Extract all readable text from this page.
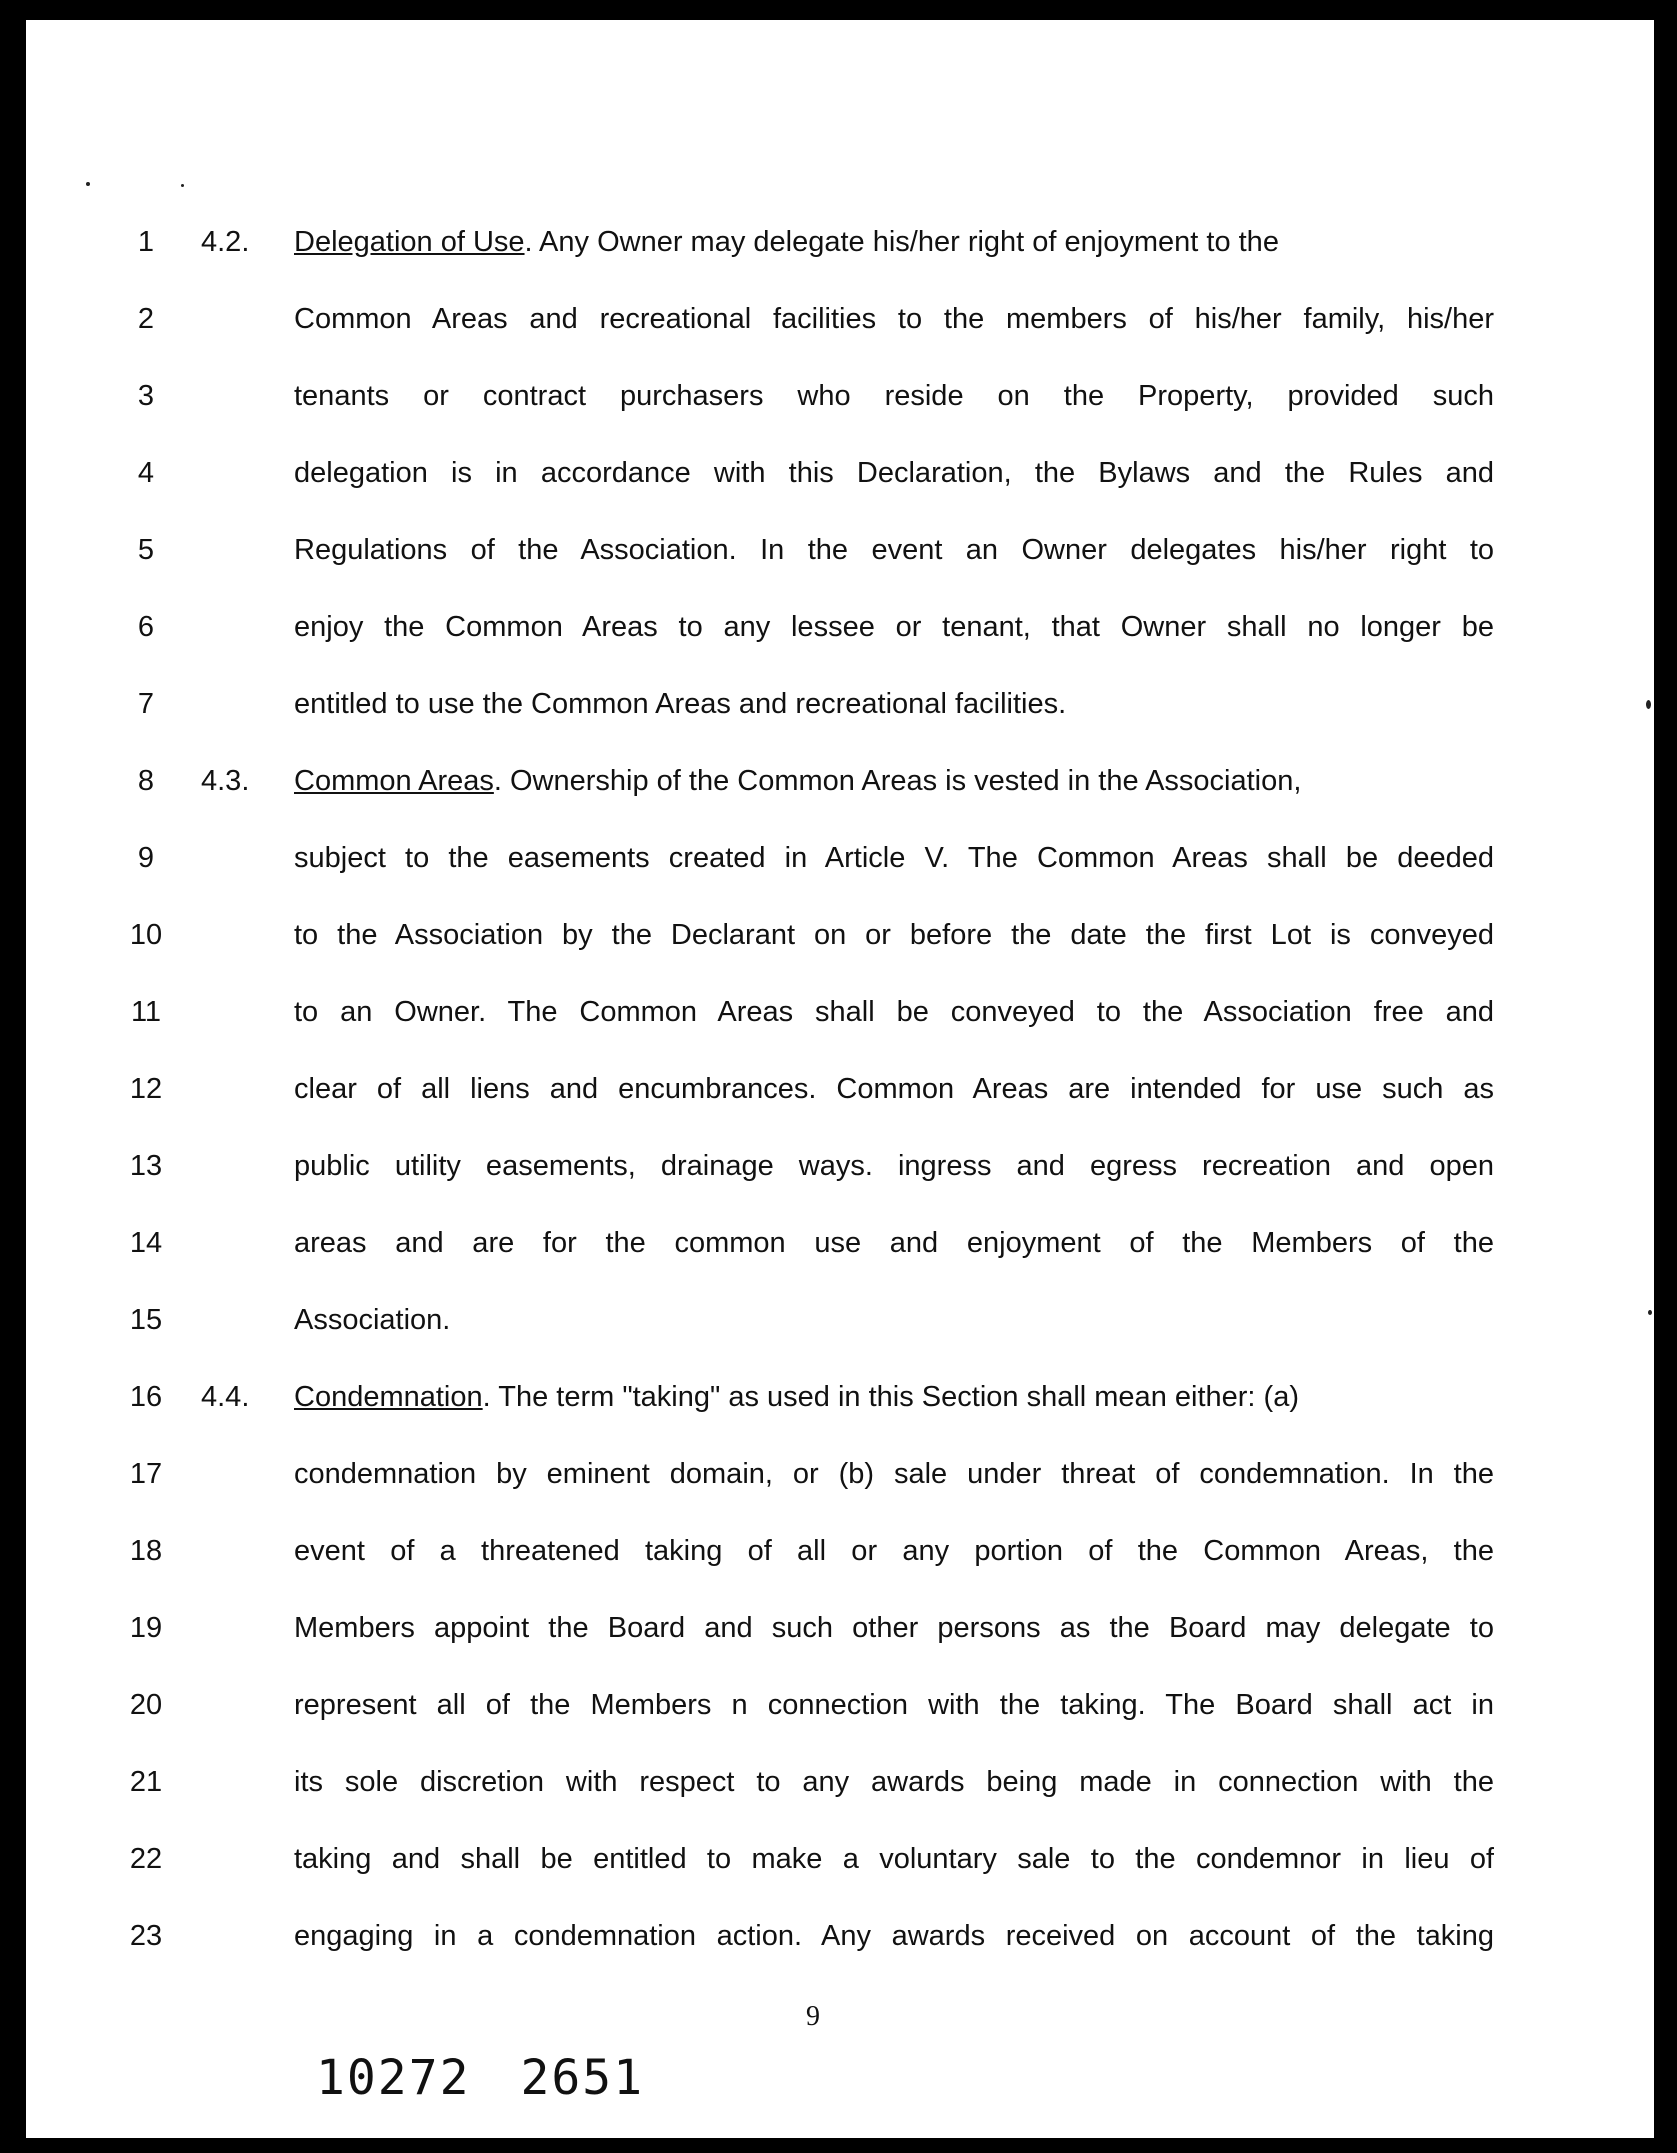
1	4.2. Delegation of Use. Any Owner may delegate his/her right of enjoyment to the
2	Common Areas and recreational facilities to the members of his/her family, his/her
3	tenants or contract purchasers who reside on the Property, provided such
4	delegation is in accordance with this Declaration, the Bylaws and the Rules and
5	Regulations of the Association. In the event an Owner delegates his/her right to
6	enjoy the Common Areas to any lessee or tenant, that Owner shall no longer be
7	entitled to use the Common Areas and recreational facilities.
8	4.3. Common Areas. Ownership of the Common Areas is vested in the Association,
9	subject to the easements created in Article V. The Common Areas shall be deeded
10	to the Association by the Declarant on or before the date the first Lot is conveyed
11	to an Owner. The Common Areas shall be conveyed to the Association free and
12	clear of all liens and encumbrances. Common Areas are intended for use such as
13	public utility easements, drainage ways. ingress and egress recreation and open
14	areas and are for the common use and enjoyment of the Members of the
15	Association.
16	4.4. Condemnation. The term "taking" as used in this Section shall mean either: (a)
17	condemnation by eminent domain, or (b) sale under threat of condemnation. In the
18	event of a threatened taking of all or any portion of the Common Areas, the
19	Members appoint the Board and such other persons as the Board may delegate to
20	represent all of the Members n connection with the taking. The Board shall act in
21	its sole discretion with respect to any awards being made in connection with the
22	taking and shall be entitled to make a voluntary sale to the condemnor in lieu of
23	engaging in a condemnation action. Any awards received on account of the taking
9
10272 2651
